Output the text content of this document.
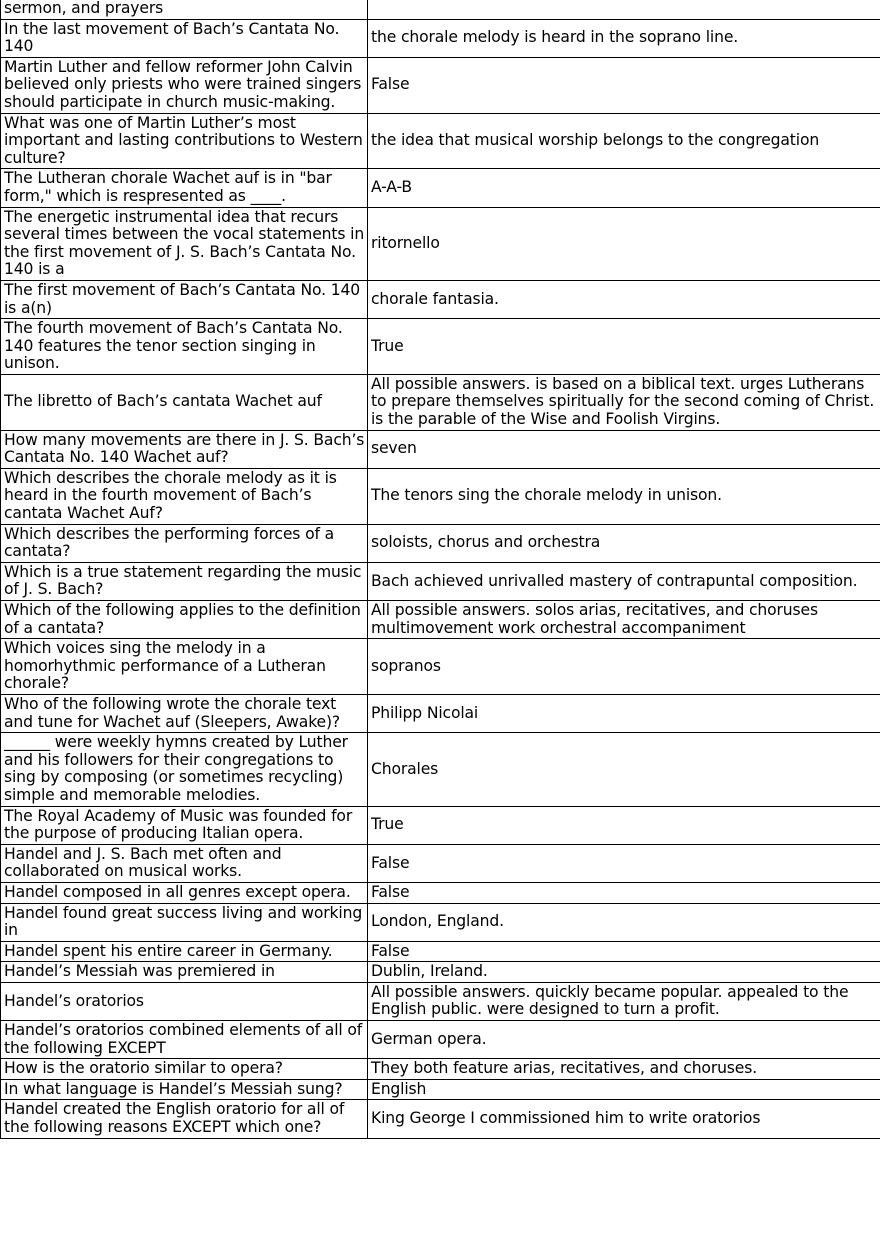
sermon, and prayers	
In the last movement of Bach’s Cantata No. 140	the chorale melody is heard in the soprano line.
Martin Luther and fellow reformer John Calvin believed only priests who were trained singers should participate in church music-making.	False
What was one of Martin Luther’s most important and lasting contributions to Western culture?	the idea that musical worship belongs to the congregation
The Lutheran chorale Wachet auf is in "bar form," which is respresented as ____.	A-A-B
The energetic instrumental idea that recurs several times between the vocal statements in the first movement of J. S. Bach’s Cantata No. 140 is a	ritornello
The first movement of Bach’s Cantata No. 140 is a(n)	chorale fantasia.
The fourth movement of Bach’s Cantata No. 140 features the tenor section singing in unison.	True
The libretto of Bach’s cantata Wachet auf	All possible answers. is based on a biblical text. urges Lutherans to prepare themselves spiritually for the second coming of Christ. is the parable of the Wise and Foolish Virgins.
How many movements are there in J. S. Bach’s Cantata No. 140 Wachet auf?	seven
Which describes the chorale melody as it is heard in the fourth movement of Bach’s cantata Wachet Auf?	The tenors sing the chorale melody in unison.
Which describes the performing forces of a cantata?	soloists, chorus and orchestra
Which is a true statement regarding the music of J. S. Bach?	Bach achieved unrivalled mastery of contrapuntal composition.
Which of the following applies to the definition of a cantata?	All possible answers. solos arias, recitatives, and choruses multimovement work orchestral accompaniment
Which voices sing the melody in a homorhythmic performance of a Lutheran chorale?	sopranos
Who of the following wrote the chorale text and tune for Wachet auf (Sleepers, Awake)?	Philipp Nicolai
______ were weekly hymns created by Luther and his followers for their congregations to sing by composing (or sometimes recycling) simple and memorable melodies.	Chorales
The Royal Academy of Music was founded for the purpose of producing Italian opera.	True
Handel and J. S. Bach met often and collaborated on musical works.	False
Handel composed in all genres except opera.	False
Handel found great success living and working in	London, England.
Handel spent his entire career in Germany.	False
Handel’s Messiah was premiered in	Dublin, Ireland.
Handel’s oratorios	All possible answers. quickly became popular. appealed to the English public. were designed to turn a profit.
Handel’s oratorios combined elements of all of the following EXCEPT	German opera.
How is the oratorio similar to opera?	They both feature arias, recitatives, and choruses.
In what language is Handel’s Messiah sung?	English
Handel created the English oratorio for all of the following reasons EXCEPT which one?	King George I commissioned him to write oratorios
